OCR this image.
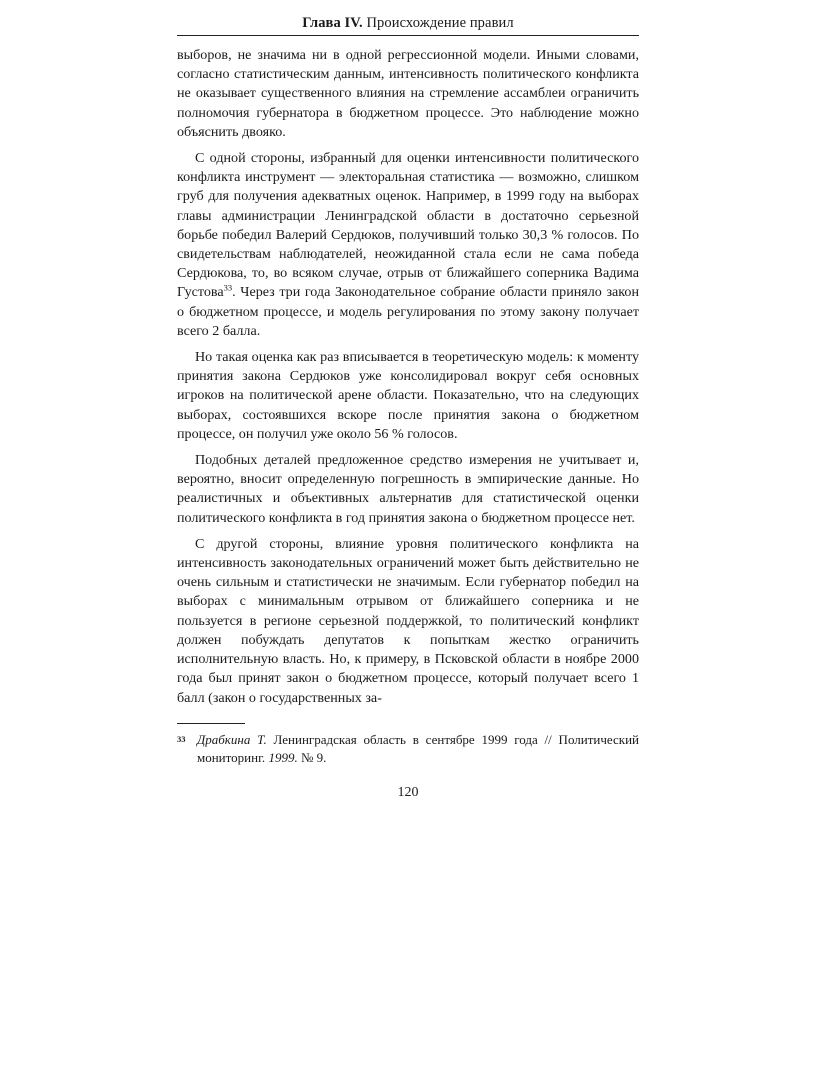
Глава IV. Происхождение правил

выборов, не значима ни в одной регрессионной модели. Иными словами, согласно статистическим данным, интенсивность политического конфликта не оказывает существенного влияния на стремление ассамблеи ограничить полномочия губернатора в бюджетном процессе. Это наблюдение можно объяснить двояко.

С одной стороны, избранный для оценки интенсивности политического конфликта инструмент — электоральная статистика — возможно, слишком груб для получения адекватных оценок. Например, в 1999 году на выборах главы администрации Ленинградской области в достаточно серьезной борьбе победил Валерий Сердюков, получивший только 30,3 % голосов. По свидетельствам наблюдателей, неожиданной стала если не сама победа Сердюкова, то, во всяком случае, отрыв от ближайшего соперника Вадима Густова$^{33}$. Через три года Законодательное собрание области приняло закон о бюджетном процессе, и модель регулирования по этому закону получает всего 2 балла.

Но такая оценка как раз вписывается в теоретическую модель: к моменту принятия закона Сердюков уже консолидировал вокруг себя основных игроков на политической арене области. Показательно, что на следующих выборах, состоявшихся вскоре после принятия закона о бюджетном процессе, он получил уже около 56 % голосов.

Подобных деталей предложенное средство измерения не учитывает и, вероятно, вносит определенную погрешность в эмпирические данные. Но реалистичных и объективных альтернатив для статистической оценки политического конфликта в год принятия закона о бюджетном процессе нет.

С другой стороны, влияние уровня политического конфликта на интенсивность законодательных ограничений может быть действительно не очень сильным и статистически не значимым. Если губернатор победил на выборах с минимальным отрывом от ближайшего соперника и не пользуется в регионе серьезной поддержкой, то политический конфликт должен побуждать депутатов к попыткам жестко ограничить исполнительную власть. Но, к примеру, в Псковской области в ноябре 2000 года был принят закон о бюджетном процессе, который получает всего 1 балл (закон о государственных за-

33 Драбкина Т. Ленинградская область в сентябре 1999 года // Политический мониторинг. 1999. № 9.
120
